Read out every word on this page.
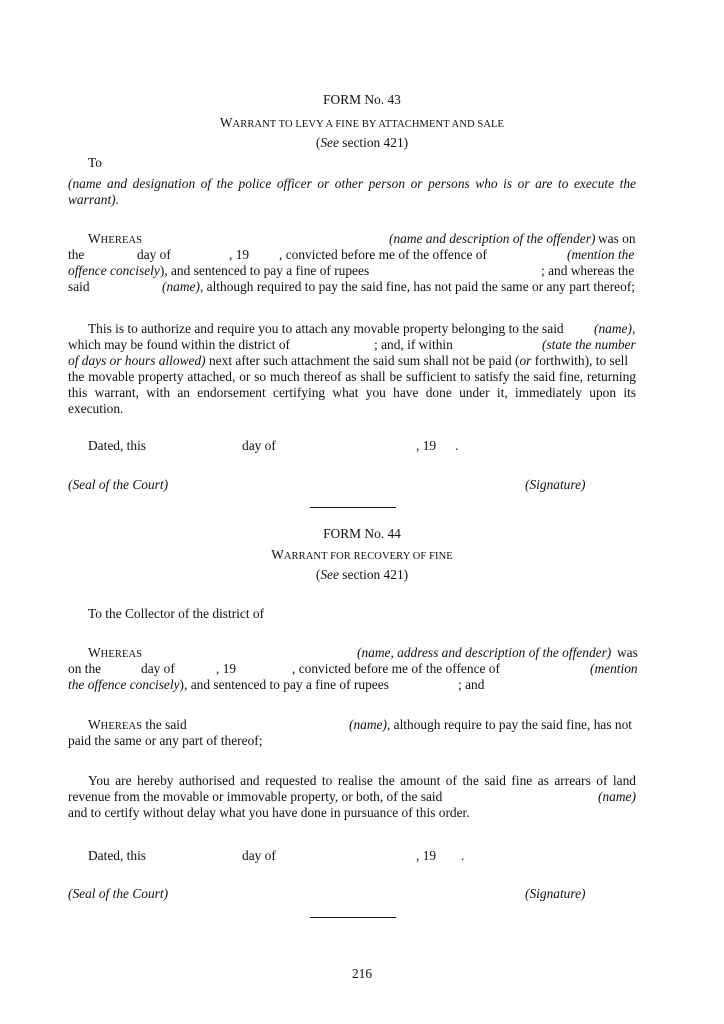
FORM No. 43
WARRANT TO LEVY A FINE BY ATTACHMENT AND SALE
(See section 421)
To
(name and designation of the police officer or other person or persons who is or are to execute the
warrant).
WHEREAS	(name and description of the offender) was on
the	day of	, 19 , convicted before me of the offence of	(mention the
offence concisely), and sentenced to pay a fine of rupees	; and whereas the
said	(name), although required to pay the said fine, has not paid the same or any part thereof;
This is to authorize and require you to attach any movable property belonging to the said (name),
which may be found within the district of	; and, if within	(state the number
of days or hours allowed) next after such attachment the said sum shall not be paid (or forthwith), to sell
the movable property attached, or so much thereof as shall be sufficient to satisfy the said fine, returning
this warrant, with an endorsement certifying what you have done under it, immediately upon its
execution.
Dated, this	day of	, 19 .
(Seal of the Court)	(Signature)
FORM No. 44
WARRANT FOR RECOVERY OF FINE
(See section 421)
To the Collector of the district of
WHEREAS	(name, address and description of the offender) was
on the	day of	, 19	, convicted before me of the offence of	(mention
the offence concisely), and sentenced to pay a fine of rupees	; and
WHEREAS the said	(name), although require to pay the said fine, has not
paid the same or any part of thereof;
You are hereby authorised and requested to realise the amount of the said fine as arrears of land
revenue from the movable or immovable property, or both, of the said	(name)
and to certify without delay what you have done in pursuance of this order.
Dated, this	day of	, 19 .
(Seal of the Court)	(Signature)
216
